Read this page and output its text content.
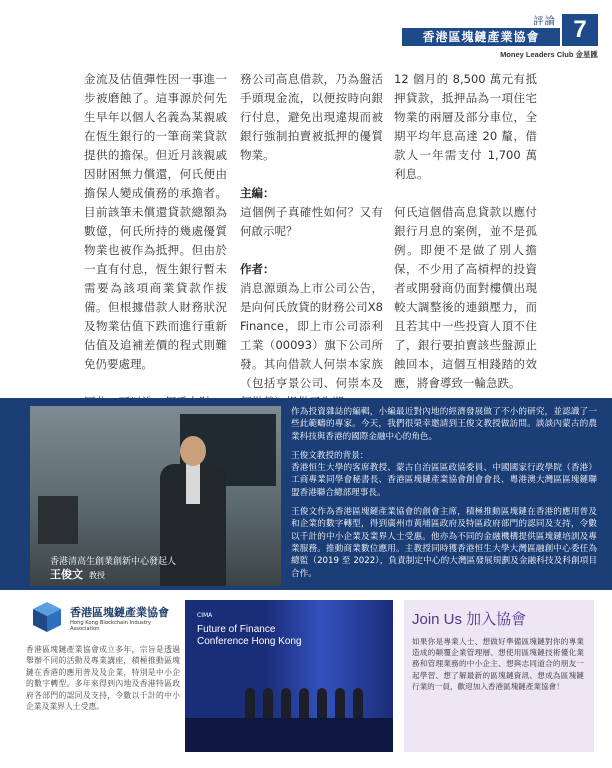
評論
香港區塊鏈產業協會	7
Money Leaders Club 金星匯

金流及估值彈性因一事進一步被磨蝕了。這事源於何先生早年以個人名義為某親戚在恆生銀行的一筆商業貸款提供的擔保。但近月該親戚因財困無力償還，何氏便由擔保人變成債務的承擔者。目前該筆未償還貸款總額為數億，何氏所持的幾處優質物業也被作為抵押。但由於一直有付息，恆生銀行暫未需要為該項商業貸款作拔備。但根據借款人財務狀況及物業估值下跌而進行重新估值及追補差價的程式則難免仍要處理。

務公司高息借款，乃為盤活手頭現金流，以便按時向銀行付息，避免出現違規而被銀行強制拍賣被抵押的優質物業。

主編：

這個例子真確性如何？又有何啟示呢？

作者：

消息源頭為上市公司公告，是向何氏放貸的財務公司X8 Finance，即上市公司添利工業（00093）旗下公司所發。其向借款人何崇本家族（包括亨景公司、何崇本及

12 個月的 8,500 萬元有抵押貸款，抵押品為一項住宅物業的兩層及部分車位，全期平均年息高達 20 釐，借款人一年需支付 1,700 萬利息。

何氏這個借高息貸款以應付銀行月息的案例，並不是孤例。即便不是做了別人擔保，不少用了高槓桿的投資者或開發商仍面對樓價出現較大調整後的連鎖壓力，而且若其中一些投資人頂不住了，銀行要拍賣該些盤源止蝕回本，這個互相踐踏的效應，將會導致一輪急跌。

香港清高生創業創新中心發起人
王俊文 教授

作為投資雜誌的編輯，小編最近對內地的經濟發展做了不小的研究，並認識了一些此範疇的專家。今天，我們很榮幸邀請到王俊文教授做訪問。談談內蒙古的農業科技與香港的國際金融中心的角色。

王俊文教授的背景：

香港恒生大學的客席教授、蒙古自治區區政協委員、中國國家行政學院（香港）工商專業同學會秘書長、香港區塊鏈產業協會創會會長、粵港澳大灣區區塊鏈聯盟香港聯合總部理事長。

王俊文作為香港區塊鏈產業協會的創會主席，積極推動區塊鏈在香港的應用普及和企業的數字轉型，得到廣州市黃埔區政府及特區政府部門的認同及支持，令數以千計的中小企業及業界人士受惠。他亦為不同的金融機構提供區塊鏈培訓及專業服務。推動商業數位應用。主教授同時獲香港恒生大學大灣區融創中心委任為總監（2019 至 2022），負責制定中心的大灣區發展規劃及金融科技及科創項目合作。

香港區塊鏈產業協會
Hong Kong Blockchain Industry Association
香港區塊鏈產業協會成立多年，宗旨是透過舉辦不同的活動及專業講座，積極推動區塊鏈在香港的應用普及及企業，特別是中小企的數字轉型。多年來得到內地及香港特區政府各部門的認同及支持，令數以千計的中小企業及業界人士受惠。
CIMA
Future of Finance
Conference Hong Kong
Join Us 加入協會
如果你是專業人士、想做好準備區塊鏈對你的專業造成的顛覆企業管理層、想使用區塊鏈技術優化業務和管理業務的中小企主、想與志同道合的朋友一起學習、想了解最新的區塊鏈資訊、想成為區塊鏈行業的一員，歡迎加入香港區塊鏈產業協會！
